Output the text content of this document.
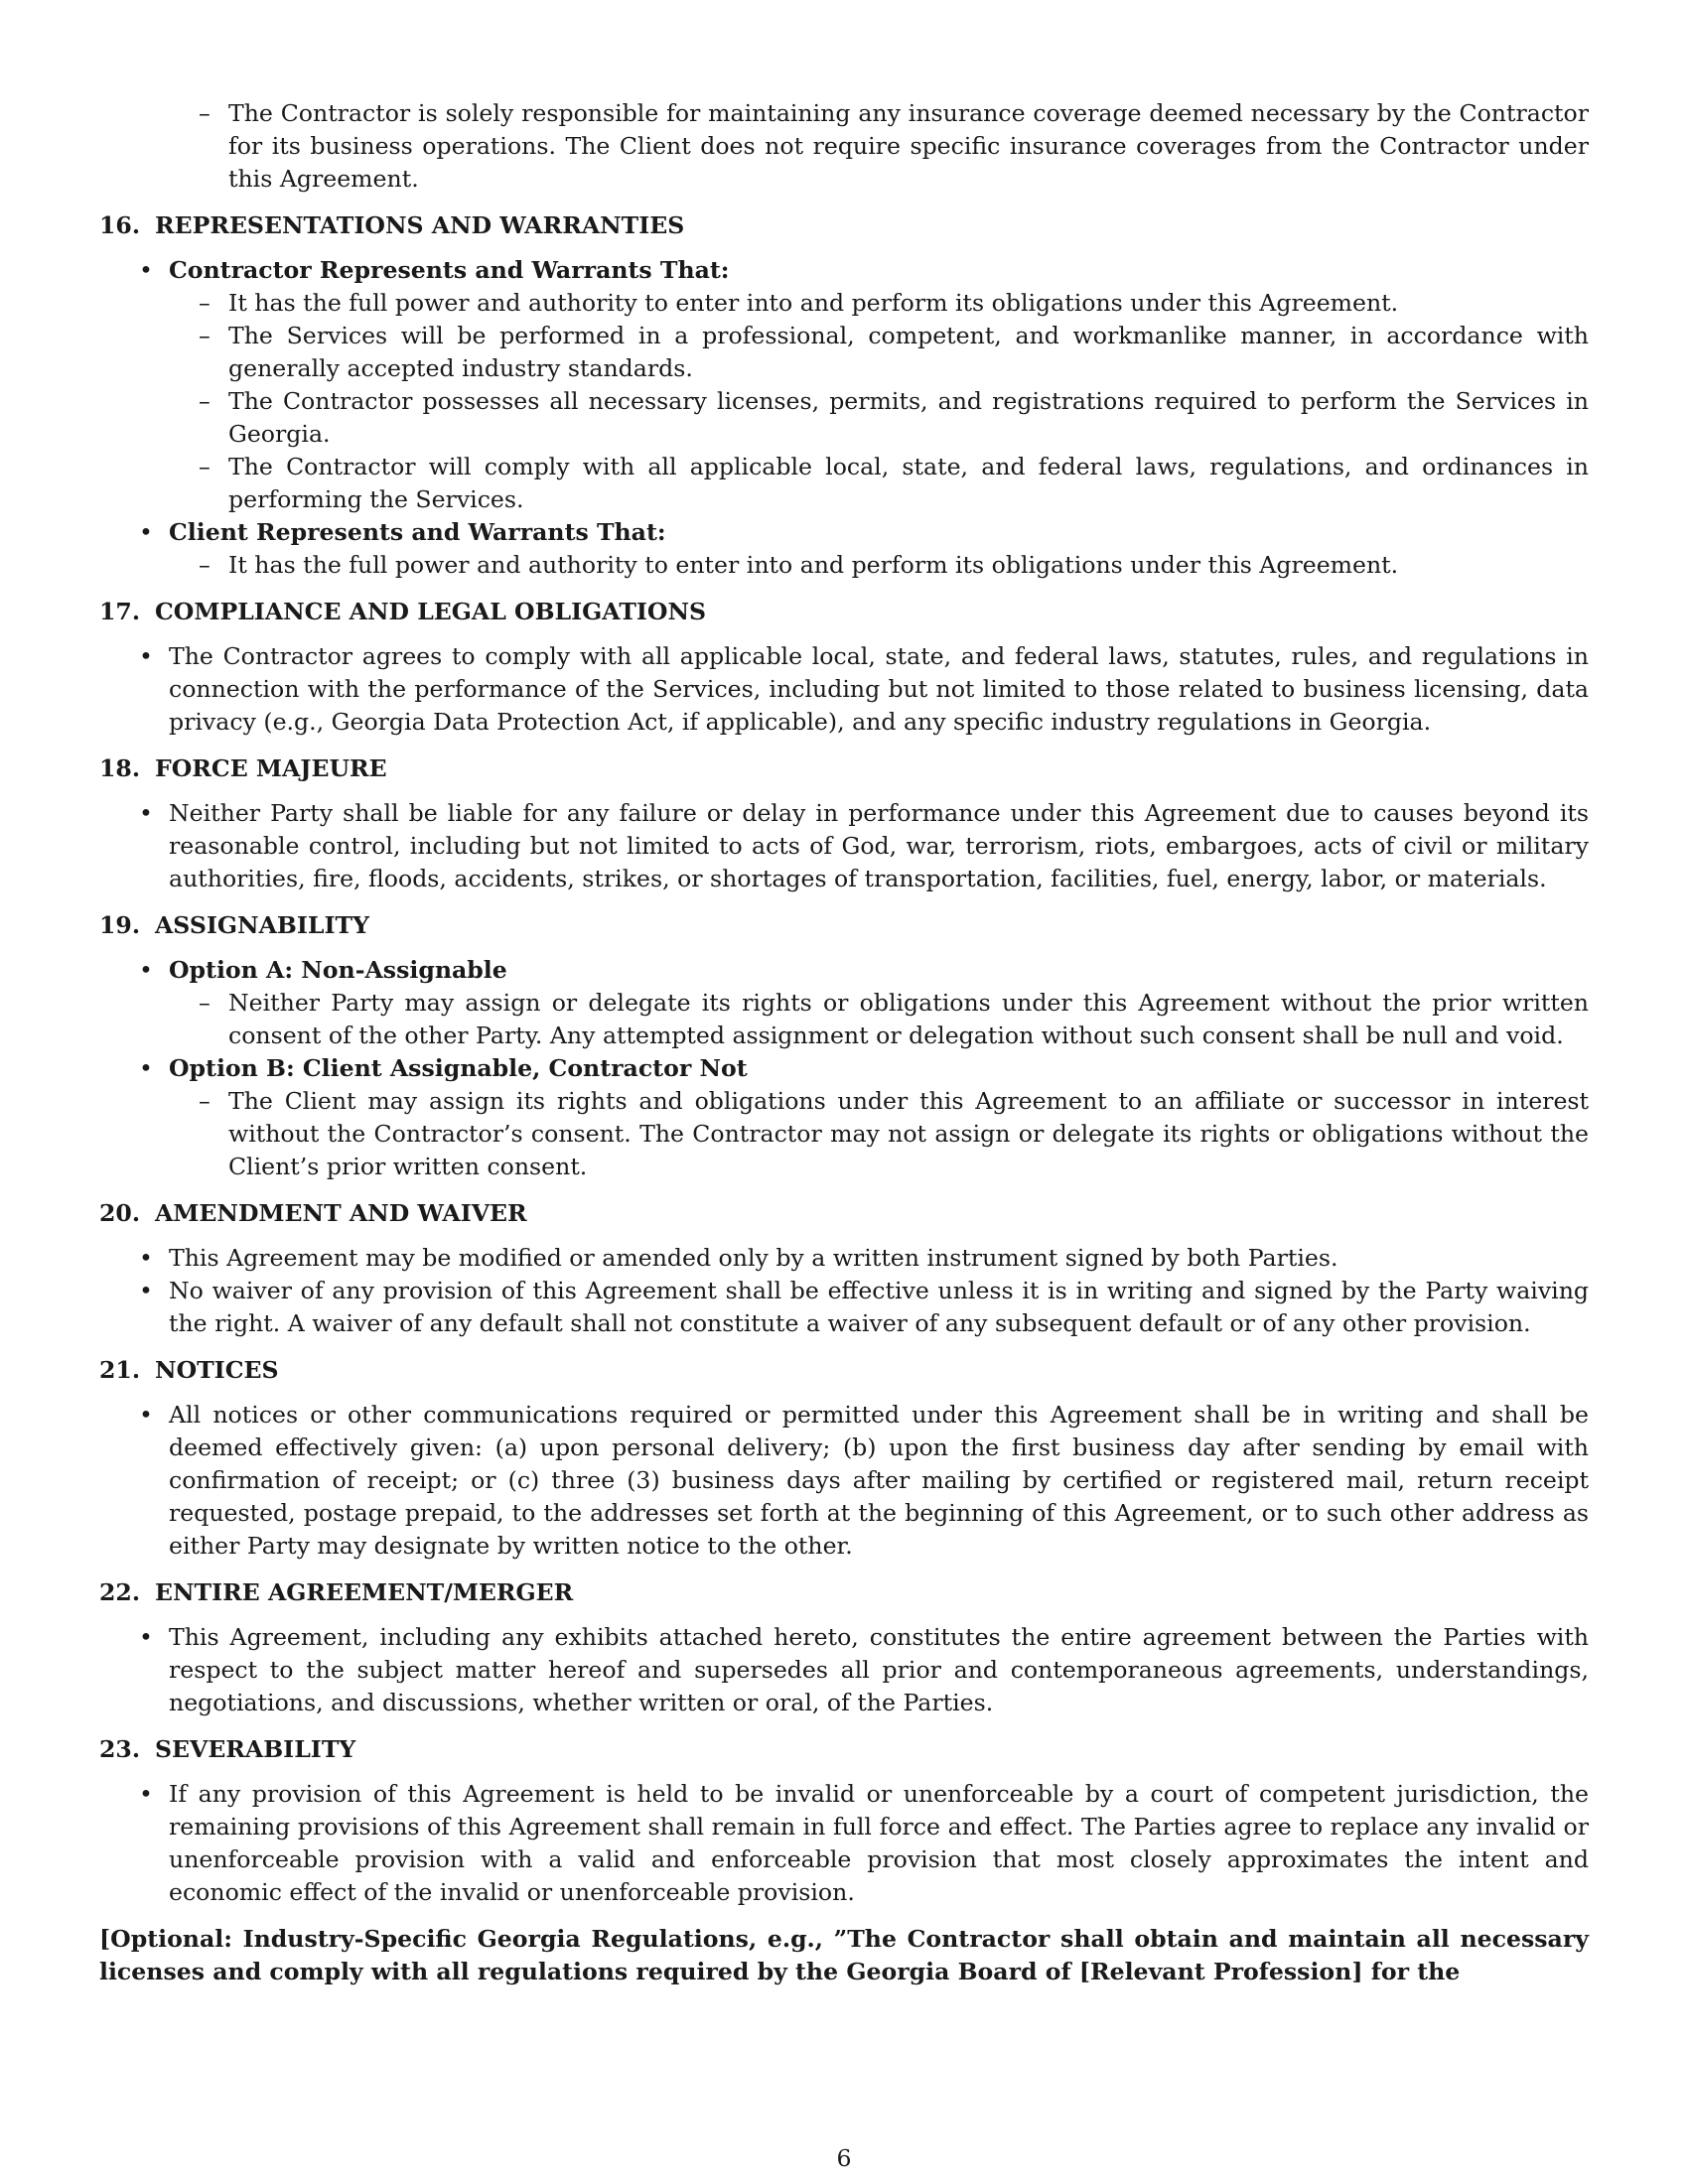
– The Contractor is solely responsible for maintaining any insurance coverage deemed necessary by the Contractor for its business operations. The Client does not require specific insurance coverages from the Contractor under this Agreement.

16. REPRESENTATIONS AND WARRANTIES
• Contractor Represents and Warrants That:
– It has the full power and authority to enter into and perform its obligations under this Agreement.
– The Services will be performed in a professional, competent, and workmanlike manner, in accordance with generally accepted industry standards.
– The Contractor possesses all necessary licenses, permits, and registrations required to perform the Services in Georgia.
– The Contractor will comply with all applicable local, state, and federal laws, regulations, and ordinances in performing the Services.
• Client Represents and Warrants That:
– It has the full power and authority to enter into and perform its obligations under this Agreement.
17. COMPLIANCE AND LEGAL OBLIGATIONS
• The Contractor agrees to comply with all applicable local, state, and federal laws, statutes, rules, and regulations in connection with the performance of the Services, including but not limited to those related to business licensing, data privacy (e.g., Georgia Data Protection Act, if applicable), and any specific industry regulations in Georgia.
18. FORCE MAJEURE
• Neither Party shall be liable for any failure or delay in performance under this Agreement due to causes beyond its reasonable control, including but not limited to acts of God, war, terrorism, riots, embargoes, acts of civil or military authorities, fire, floods, accidents, strikes, or shortages of transportation, facilities, fuel, energy, labor, or materials.
19. ASSIGNABILITY
• Option A: Non-Assignable
– Neither Party may assign or delegate its rights or obligations under this Agreement without the prior written consent of the other Party. Any attempted assignment or delegation without such consent shall be null and void.
• Option B: Client Assignable, Contractor Not
– The Client may assign its rights and obligations under this Agreement to an affiliate or successor in interest without the Contractor’s consent. The Contractor may not assign or delegate its rights or obligations without the Client’s prior written consent.
20. AMENDMENT AND WAIVER
• This Agreement may be modified or amended only by a written instrument signed by both Parties.
• No waiver of any provision of this Agreement shall be effective unless it is in writing and signed by the Party waiving the right. A waiver of any default shall not constitute a waiver of any subsequent default or of any other provision.
21. NOTICES
• All notices or other communications required or permitted under this Agreement shall be in writing and shall be deemed effectively given: (a) upon personal delivery; (b) upon the first business day after sending by email with confirmation of receipt; or (c) three (3) business days after mailing by certified or registered mail, return receipt requested, postage prepaid, to the addresses set forth at the beginning of this Agreement, or to such other address as either Party may designate by written notice to the other.
22. ENTIRE AGREEMENT/MERGER
• This Agreement, including any exhibits attached hereto, constitutes the entire agreement between the Parties with respect to the subject matter hereof and supersedes all prior and contemporaneous agreements, understandings, negotiations, and discussions, whether written or oral, of the Parties.
23. SEVERABILITY
• If any provision of this Agreement is held to be invalid or unenforceable by a court of competent jurisdiction, the remaining provisions of this Agreement shall remain in full force and effect. The Parties agree to replace any invalid or unenforceable provision with a valid and enforceable provision that most closely approximates the intent and economic effect of the invalid or unenforceable provision.

[Optional: Industry-Specific Georgia Regulations, e.g., ”The Contractor shall obtain and maintain all necessary licenses and comply with all regulations required by the Georgia Board of [Relevant Profession] for the

6
